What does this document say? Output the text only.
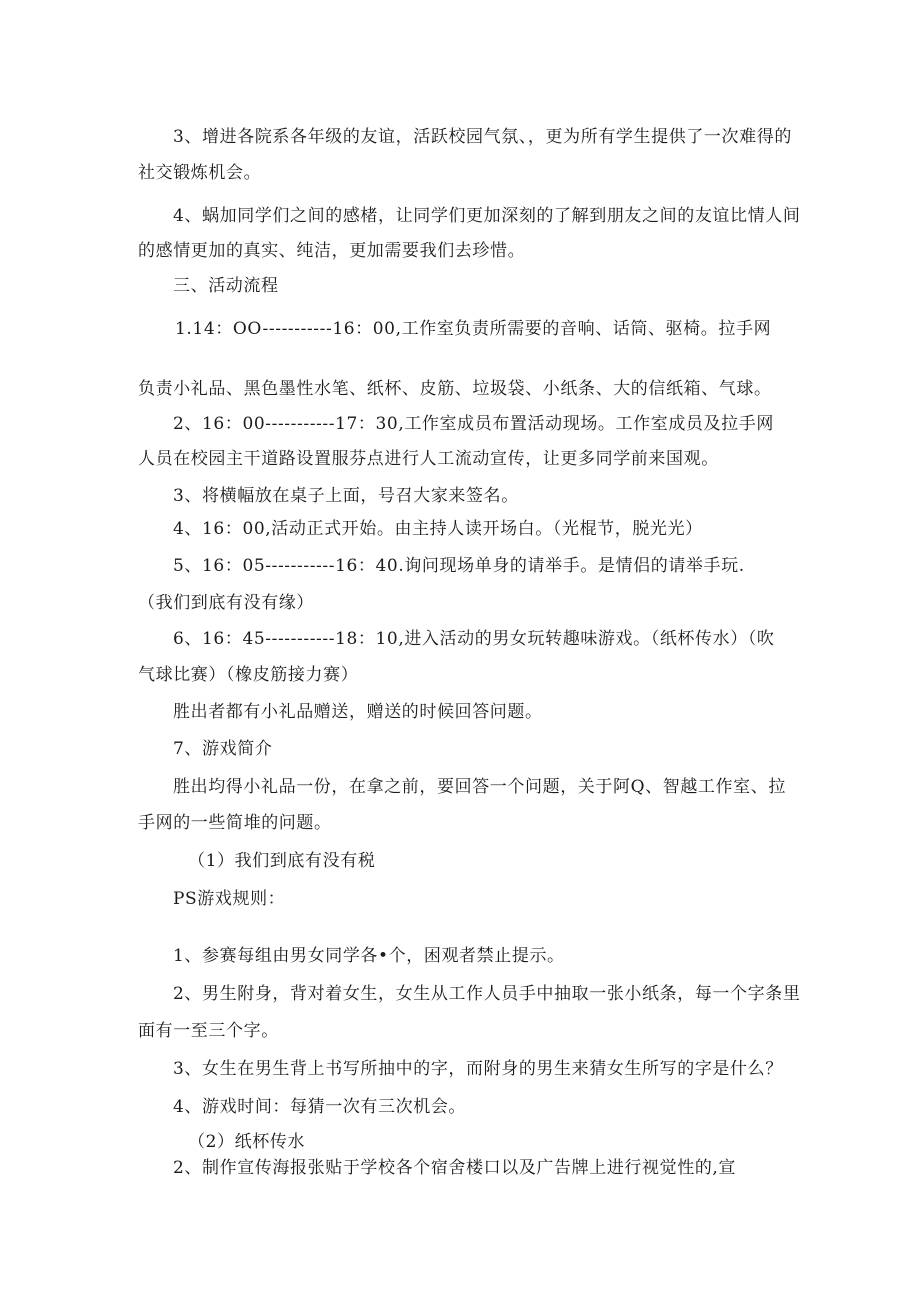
3、增进各院系各年级的友谊，活跃校园气氛、，更为所有学生提供了一次难得的
社交锻炼机会。
4、蜗加同学们之间的感楮，让同学们更加深刻的了解到朋友之间的友谊比情人间
的感情更加的真实、纯洁，更加需要我们去珍惜。
三、活动流程
1.14：OO-----------16：00,工作室负责所需要的音响、话筒、驱椅。拉手网
负责小礼品、黑色墨性水笔、纸杯、皮筋、垃圾袋、小纸条、大的信纸箱、气球。
2、16：00-----------17：30,工作室成员布置活动现场。工作室成员及拉手网
人员在校园主干道路设置服芬点进行人工流动宣传，让更多同学前来国观。
3、将横幅放在桌子上面，号召大家来签名。
4、16：00,活动正式开始。由主持人读开场白。（光棍节，脱光光）
5、16：05-----------16：40.询问现场单身的请举手。是情侣的请举手玩.
（我们到底有没有缘）
6、16：45-----------18：10,进入活动的男女玩转趣味游戏。（纸杯传水）（吹
气球比赛）（橡皮筋接力赛）
胜出者都有小礼品赠送，赠送的时候回答问题。
7、游戏简介
胜出均得小礼品一份，在拿之前，要回答一个问题，关于阿Q、智越工作室、拉
手网的一些简堆的问题。
（1）我们到底有没有税
PS游戏规则：
1、参赛每组由男女同学各•个，困观者禁止提示。
2、男生附身，背对着女生，女生从工作人员手中抽取一张小纸条，每一个字条里
面有一至三个字。
3、女生在男生背上书写所抽中的字，而附身的男生来猜女生所写的字是什么？
4、游戏时间：每猜一次有三次机会。
（2）纸杯传水
2、制作宣传海报张贴于学校各个宿舍楼口以及广告牌上进行视觉性的,宣
